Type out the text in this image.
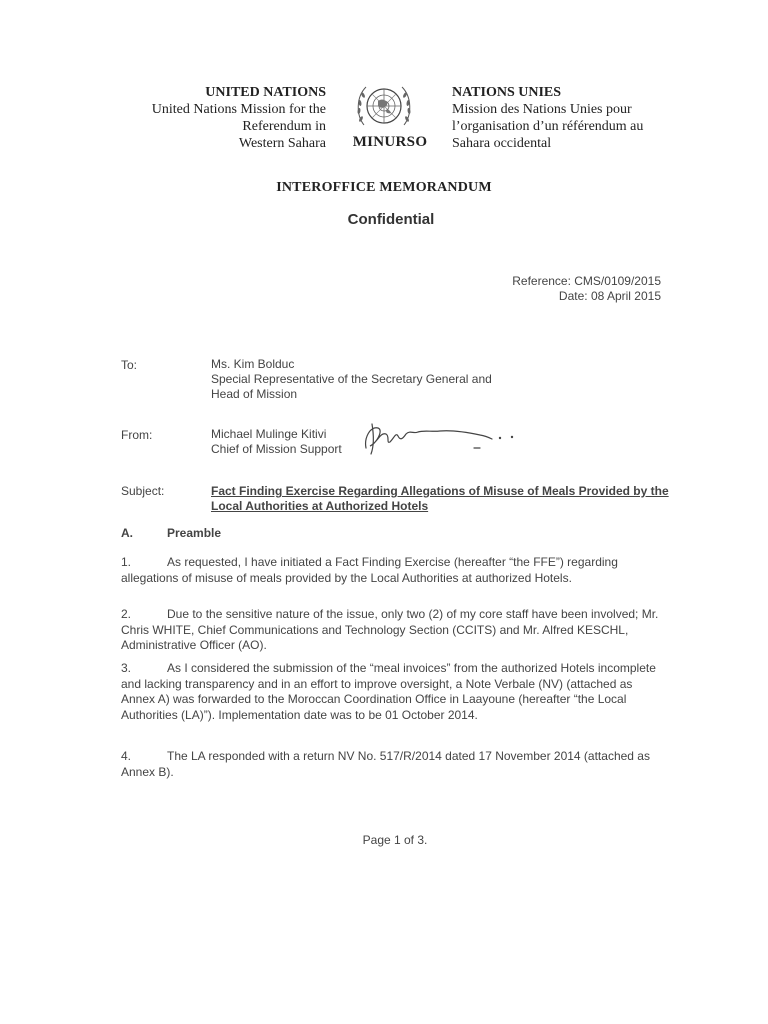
UNITED NATIONS
United Nations Mission for the
Referendum in
Western Sahara	MINURSO
NATIONS UNIES
Mission des Nations Unies pour
l’organisation d’un référendum au
Sahara occidental
INTEROFFICE MEMORANDUM
Confidential
Reference: CMS/0109/2015
Date: 08 April 2015
To:	Ms. Kim Bolduc
Special Representative of the Secretary General and
Head of Mission
From:	Michael Mulinge Kitivi
Chief of Mission Support
Subject:	Fact Finding Exercise Regarding Allegations of Misuse of Meals Provided by the Local Authorities at Authorized Hotels
A.	Preamble
1.	As requested, I have initiated a Fact Finding Exercise (hereafter “the FFE”) regarding allegations of misuse of meals provided by the Local Authorities at authorized Hotels.
2.	Due to the sensitive nature of the issue, only two (2) of my core staff have been involved; Mr. Chris WHITE, Chief Communications and Technology Section (CCITS) and Mr. Alfred KESCHL, Administrative Officer (AO).
3.	As I considered the submission of the “meal invoices” from the authorized Hotels incomplete and lacking transparency and in an effort to improve oversight, a Note Verbale (NV) (attached as Annex A) was forwarded to the Moroccan Coordination Office in Laayoune (hereafter “the Local Authorities (LA)”). Implementation date was to be 01 October 2014.
4.	The LA responded with a return NV No. 517/R/2014 dated 17 November 2014 (attached as Annex B).
Page 1 of 3.
